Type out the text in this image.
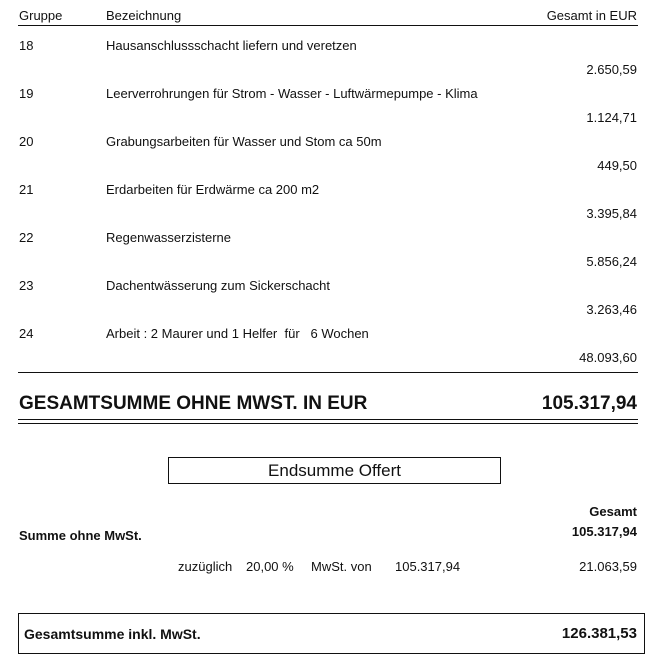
Gruppe	Bezeichnung	Gesamt in EUR
18	Hausanschlussschacht liefern und veretzen
2.650,59
19	Leerverrohrungen für Strom - Wasser - Luftwärmepumpe - Klima
1.124,71
20	Grabungsarbeiten für Wasser und Stom ca 50m
449,50
21	Erdarbeiten für Erdwärme ca 200 m2
3.395,84
22	Regenwasserzisterne
5.856,24
23	Dachentwässerung zum Sickerschacht
3.263,46
24	Arbeit : 2 Maurer und 1 Helfer  für   6 Wochen
48.093,60
GESAMTSUMME OHNE MWST. IN EUR	105.317,94
Endsumme Offert
Gesamt
105.317,94
Summe ohne MwSt.
zuzüglich 20,00 % MwSt. von 105.317,94	21.063,59
Gesamtsumme inkl. MwSt.	126.381,53
